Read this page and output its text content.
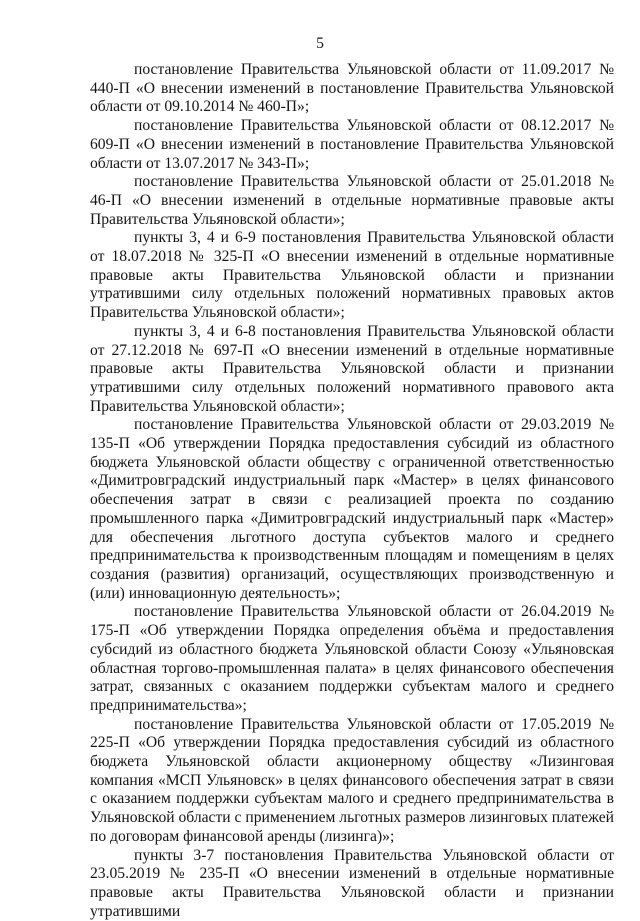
5

постановление Правительства Ульяновской области от 11.09.2017 № 440-П «О внесении изменений в постановление Правительства Ульяновской области от 09.10.2014 № 460-П»;

постановление Правительства Ульяновской области от 08.12.2017 № 609-П «О внесении изменений в постановление Правительства Ульяновской области от 13.07.2017 № 343-П»;

постановление Правительства Ульяновской области от 25.01.2018 № 46-П «О внесении изменений в отдельные нормативные правовые акты Правительства Ульяновской области»;

пункты 3, 4 и 6-9 постановления Правительства Ульяновской области от 18.07.2018 № 325-П «О внесении изменений в отдельные нормативные правовые акты Правительства Ульяновской области и признании утратившими силу отдельных положений нормативных правовых актов Правительства Ульяновской области»;

пункты 3, 4 и 6-8 постановления Правительства Ульяновской области от 27.12.2018 № 697-П «О внесении изменений в отдельные нормативные правовые акты Правительства Ульяновской области и признании утратившими силу отдельных положений нормативного правового акта Правительства Ульяновской области»;

постановление Правительства Ульяновской области от 29.03.2019 № 135-П «Об утверждении Порядка предоставления субсидий из областного бюджета Ульяновской области обществу с ограниченной ответственностью «Димитровградский индустриальный парк «Мастер» в целях финансового обеспечения затрат в связи с реализацией проекта по созданию промышленного парка «Димитровградский индустриальный парк «Мастер» для обеспечения льготного доступа субъектов малого и среднего предпринимательства к производственным площадям и помещениям в целях создания (развития) организаций, осуществляющих производственную и (или) инновационную деятельность»;

постановление Правительства Ульяновской области от 26.04.2019 № 175-П «Об утверждении Порядка определения объёма и предоставления субсидий из областного бюджета Ульяновской области Союзу «Ульяновская областная торгово-промышленная палата» в целях финансового обеспечения затрат, связанных с оказанием поддержки субъектам малого и среднего предпринимательства»;

постановление Правительства Ульяновской области от 17.05.2019 № 225-П «Об утверждении Порядка предоставления субсидий из областного бюджета Ульяновской области акционерному обществу «Лизинговая компания «МСП Ульяновск» в целях финансового обеспечения затрат в связи с оказанием поддержки субъектам малого и среднего предпринимательства в Ульяновской области с применением льготных размеров лизинговых платежей по договорам финансовой аренды (лизинга)»;

пункты 3-7 постановления Правительства Ульяновской области от 23.05.2019 № 235-П «О внесении изменений в отдельные нормативные правовые акты Правительства Ульяновской области и признании утратившими
